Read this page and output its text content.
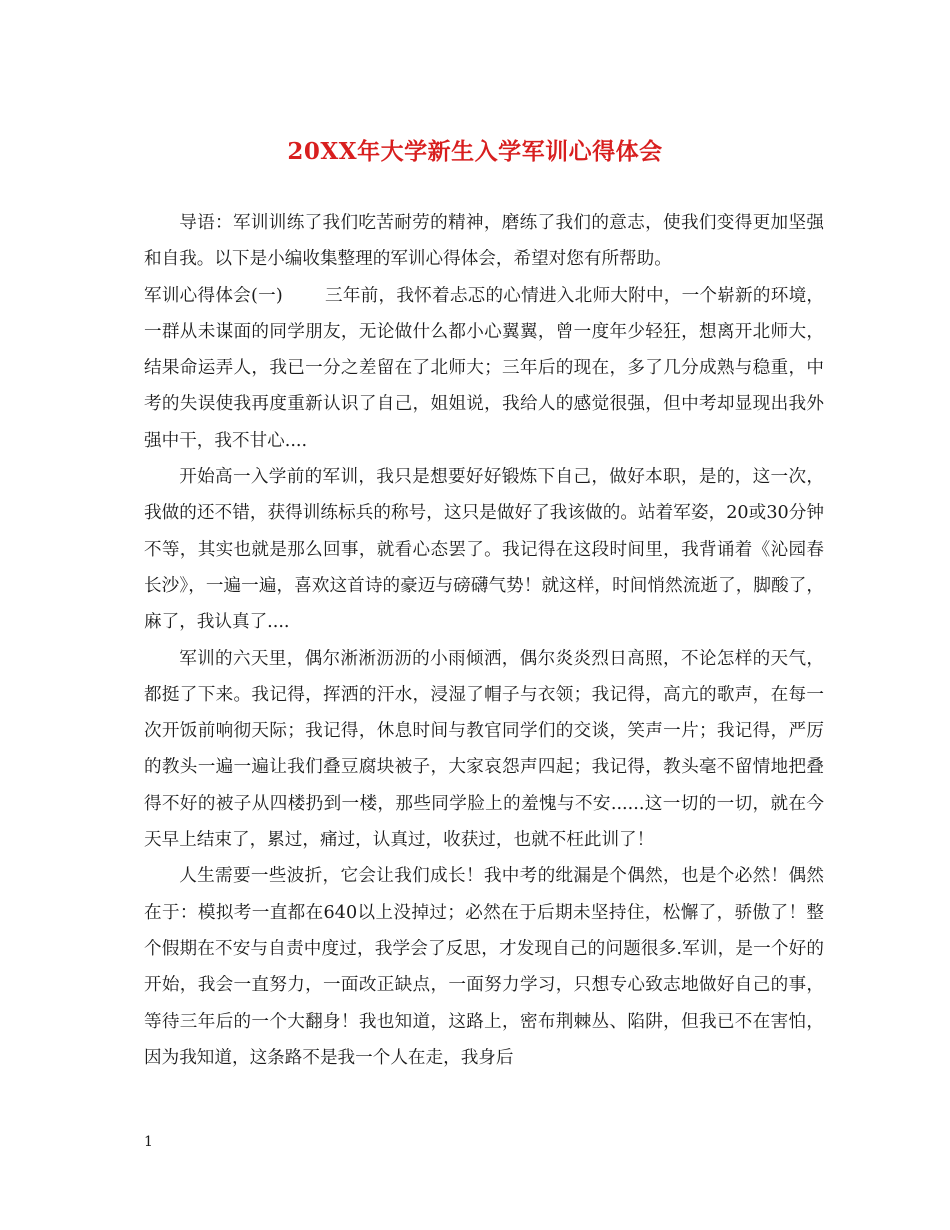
20XX年大学新生入学军训心得体会

导语：军训训练了我们吃苦耐劳的精神，磨练了我们的意志，使我们变得更加坚强和自我。以下是小编收集整理的军训心得体会，希望对您有所帮助。

军训心得体会(一) 三年前，我怀着忐忑的心情进入北师大附中，一个崭新的环境，一群从未谋面的同学朋友，无论做什么都小心翼翼，曾一度年少轻狂，想离开北师大，结果命运弄人，我已一分之差留在了北师大；三年后的现在，多了几分成熟与稳重，中考的失误使我再度重新认识了自己，姐姐说，我给人的感觉很强，但中考却显现出我外强中干，我不甘心....

开始高一入学前的军训，我只是想要好好锻炼下自己，做好本职，是的，这一次，我做的还不错，获得训练标兵的称号，这只是做好了我该做的。站着军姿，20或30分钟不等，其实也就是那么回事，就看心态罢了。我记得在这段时间里，我背诵着《沁园春　 长沙》，一遍一遍，喜欢这首诗的豪迈与磅礴气势！就这样，时间悄然流逝了，脚酸了，麻了，我认真了....

军训的六天里，偶尔淅淅沥沥的小雨倾洒，偶尔炎炎烈日高照，不论怎样的天气，都挺了下来。我记得，挥洒的汗水，浸湿了帽子与衣领；我记得，高亢的歌声，在每一次开饭前响彻天际；我记得，休息时间与教官同学们的交谈，笑声一片；我记得，严厉的教头一遍一遍让我们叠豆腐块被子，大家哀怨声四起；我记得，教头毫不留情地把叠得不好的被子从四楼扔到一楼，那些同学脸上的羞愧与不安......这一切的一切，就在今天早上结束了，累过，痛过，认真过，收获过，也就不枉此训了！

人生需要一些波折，它会让我们成长！我中考的纰漏是个偶然，也是个必然！偶然在于：模拟考一直都在640以上没掉过；必然在于后期未坚持住，松懈了，骄傲了！整个假期在不安与自责中度过，我学会了反思，才发现自己的问题很多.军训，是一个好的开始，我会一直努力，一面改正缺点，一面努力学习，只想专心致志地做好自己的事，等待三年后的一个大翻身！我也知道，这路上，密布荆棘丛、陷阱，但我已不在害怕，因为我知道，这条路不是我一个人在走，我身后

1
